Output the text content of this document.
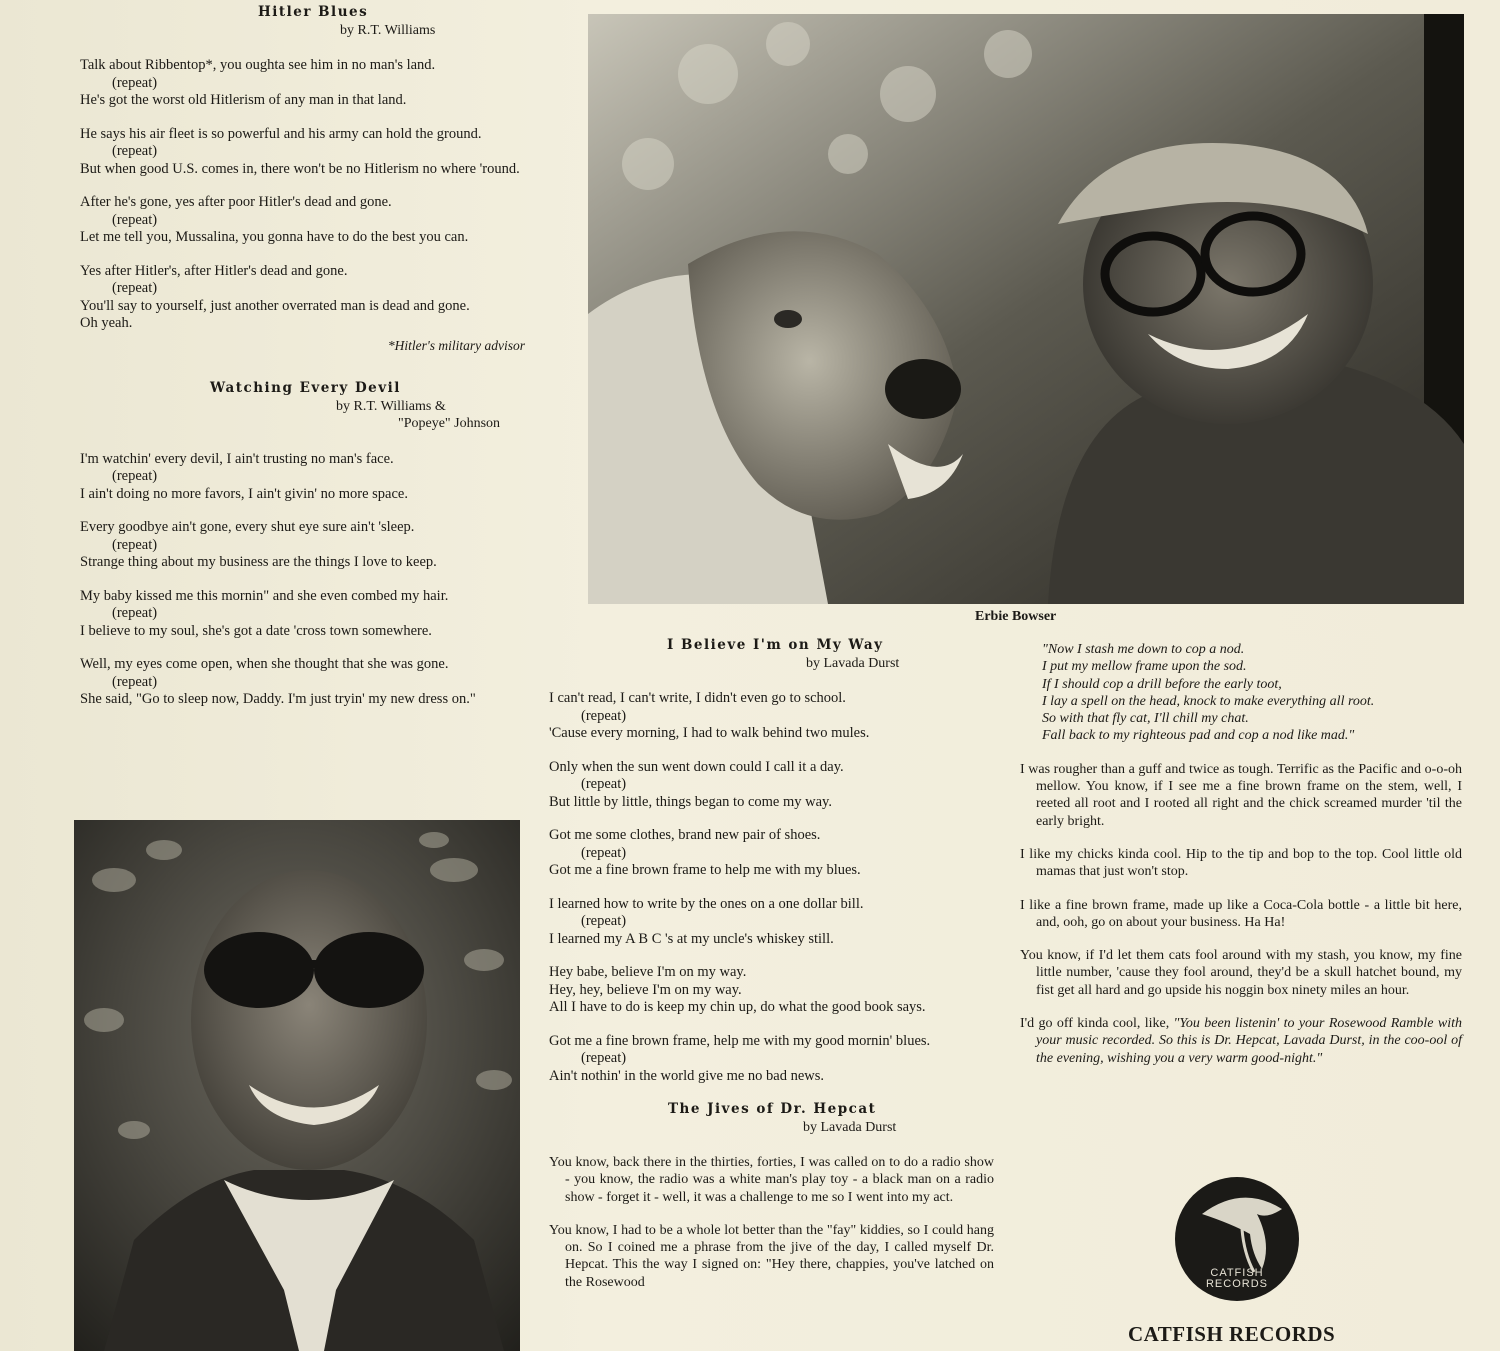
Hitler Blues
by R.T. Williams
Talk about Ribbentop*, you oughta see him in no man's land.
(repeat)
He's got the worst old Hitlerism of any man in that land.
He says his air fleet is so powerful and his army can hold the ground.
(repeat)
But when good U.S. comes in, there won't be no Hitlerism no where 'round.
After he's gone, yes after poor Hitler's dead and gone.
(repeat)
Let me tell you, Mussalina, you gonna have to do the best you can.
Yes after Hitler's, after Hitler's dead and gone.
(repeat)
You'll say to yourself, just another overrated man is dead and gone.
Oh yeah.
*Hitler's military advisor
Watching Every Devil
by R.T. Williams &
"Popeye" Johnson
I'm watchin' every devil, I ain't trusting no man's face.
(repeat)
I ain't doing no more favors, I ain't givin' no more space.
Every goodbye ain't gone, every shut eye sure ain't 'sleep.
(repeat)
Strange thing about my business are the things I love to keep.
My baby kissed me this mornin" and she even combed my hair.
(repeat)
I believe to my soul, she's got a date 'cross town somewhere.
Well, my eyes come open, when she thought that she was gone.
(repeat)
She said, "Go to sleep now, Daddy. I'm just tryin' my new dress on."
Erbie Bowser
I Believe I'm on My Way
by Lavada Durst
I can't read, I can't write, I didn't even go to school.
(repeat)
'Cause every morning, I had to walk behind two mules.
Only when the sun went down could I call it a day.
(repeat)
But little by little, things began to come my way.
Got me some clothes, brand new pair of shoes.
(repeat)
Got me a fine brown frame to help me with my blues.
I learned how to write by the ones on a one dollar bill.
(repeat)
I learned my A B C 's at my uncle's whiskey still.
Hey babe, believe I'm on my way.
Hey, hey, believe I'm on my way.
All I have to do is keep my chin up, do what the good book says.
Got me a fine brown frame, help me with my good mornin' blues.
(repeat)
Ain't nothin' in the world give me no bad news.
The Jives of Dr. Hepcat
by Lavada Durst

You know, back there in the thirties, forties, I was called on to do a radio show - you know, the radio was a white man's play toy - a black man on a radio show - forget it - well, it was a challenge to me so I went into my act.

You know, I had to be a whole lot better than the "fay" kiddies, so I could hang on. So I coined me a phrase from the jive of the day, I called myself Dr. Hepcat. This the way I signed on: "Hey there, chappies, you've latched on the Rosewood

"Now I stash me down to cop a nod.
I put my mellow frame upon the sod.
If I should cop a drill before the early toot,
I lay a spell on the head, knock to make everything all root.
So with that fly cat, I'll chill my chat.
Fall back to my righteous pad and cop a nod like mad."

I was rougher than a guff and twice as tough. Terrific as the Pacific and o-o-oh mellow. You know, if I see me a fine brown frame on the stem, well, I reeted all root and I rooted all right and the chick screamed murder 'til the early bright.

I like my chicks kinda cool. Hip to the tip and bop to the top. Cool little old mamas that just won't stop.

I like a fine brown frame, made up like a Coca-Cola bottle - a little bit here, and, ooh, go on about your business. Ha Ha!

You know, if I'd let them cats fool around with my stash, you know, my fine little number, 'cause they fool around, they'd be a skull hatchet bound, my fist get all hard and go upside his noggin box ninety miles an hour.

I'd go off kinda cool, like, "You been listenin' to your Rosewood Ramble with your music recorded. So this is Dr. Hepcat, Lavada Durst, in the coo-ool of the evening, wishing you a very warm good-night."

CATFISH
RECORDS
CATFISH RECORDS
